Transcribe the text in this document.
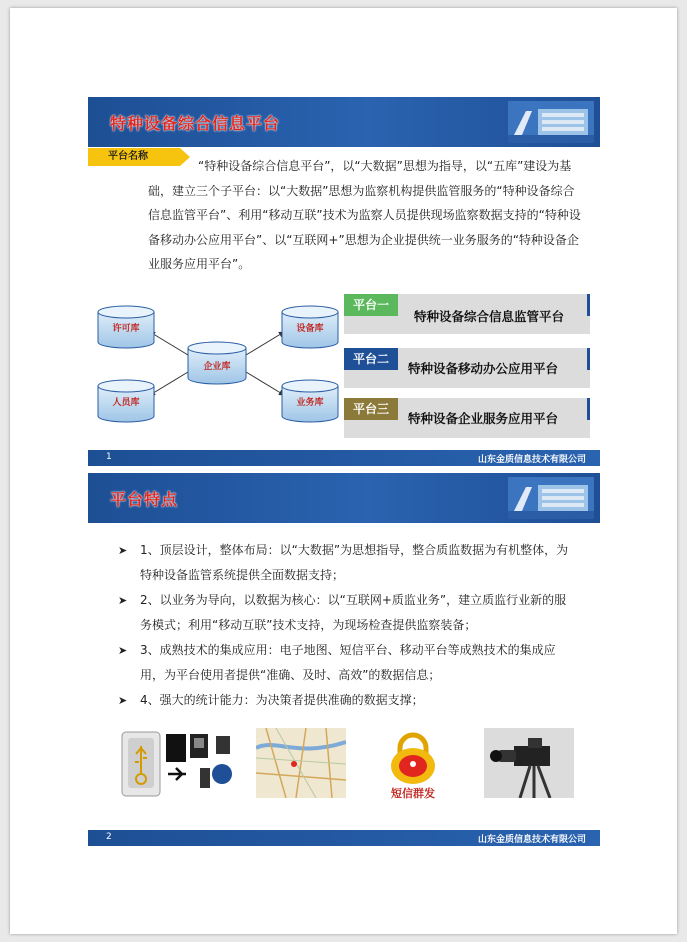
特种设备综合信息平台
平台名称
“特种设备综合信息平台”，以“大数据”思想为指导，以“五库”建设为基础，建立三个子平台：以“大数据”思想为监察机构提供监管服务的“特种设备综合信息监管平台”、利用“移动互联”技术为监察人员提供现场监察数据支持的“特种设备移动办公应用平台”、以“互联网+”思想为企业提供统一业务服务的“特种设备企业服务应用平台”。
许可库
人员库
设备库
业务库
企业库
平台一
特种设备综合信息监管平台
平台二
特种设备移动办公应用平台
平台三
特种设备企业服务应用平台
1	山东金质信息技术有限公司
平台特点
➤ 1、顶层设计，整体布局：以“大数据”为思想指导，整合质监数据为有机整体，为特种设备监管系统提供全面数据支持；
➤ 2、以业务为导向，以数据为核心：以“互联网+质监业务”，建立质监行业新的服务模式；利用“移动互联”技术支持，为现场检查提供监察装备；
➤ 3、成熟技术的集成应用：电子地图、短信平台、移动平台等成熟技术的集成应用，为平台使用者提供“准确、及时、高效”的数据信息；
➤ 4、强大的统计能力：为决策者提供准确的数据支撑；
短信群发
2	山东金质信息技术有限公司
